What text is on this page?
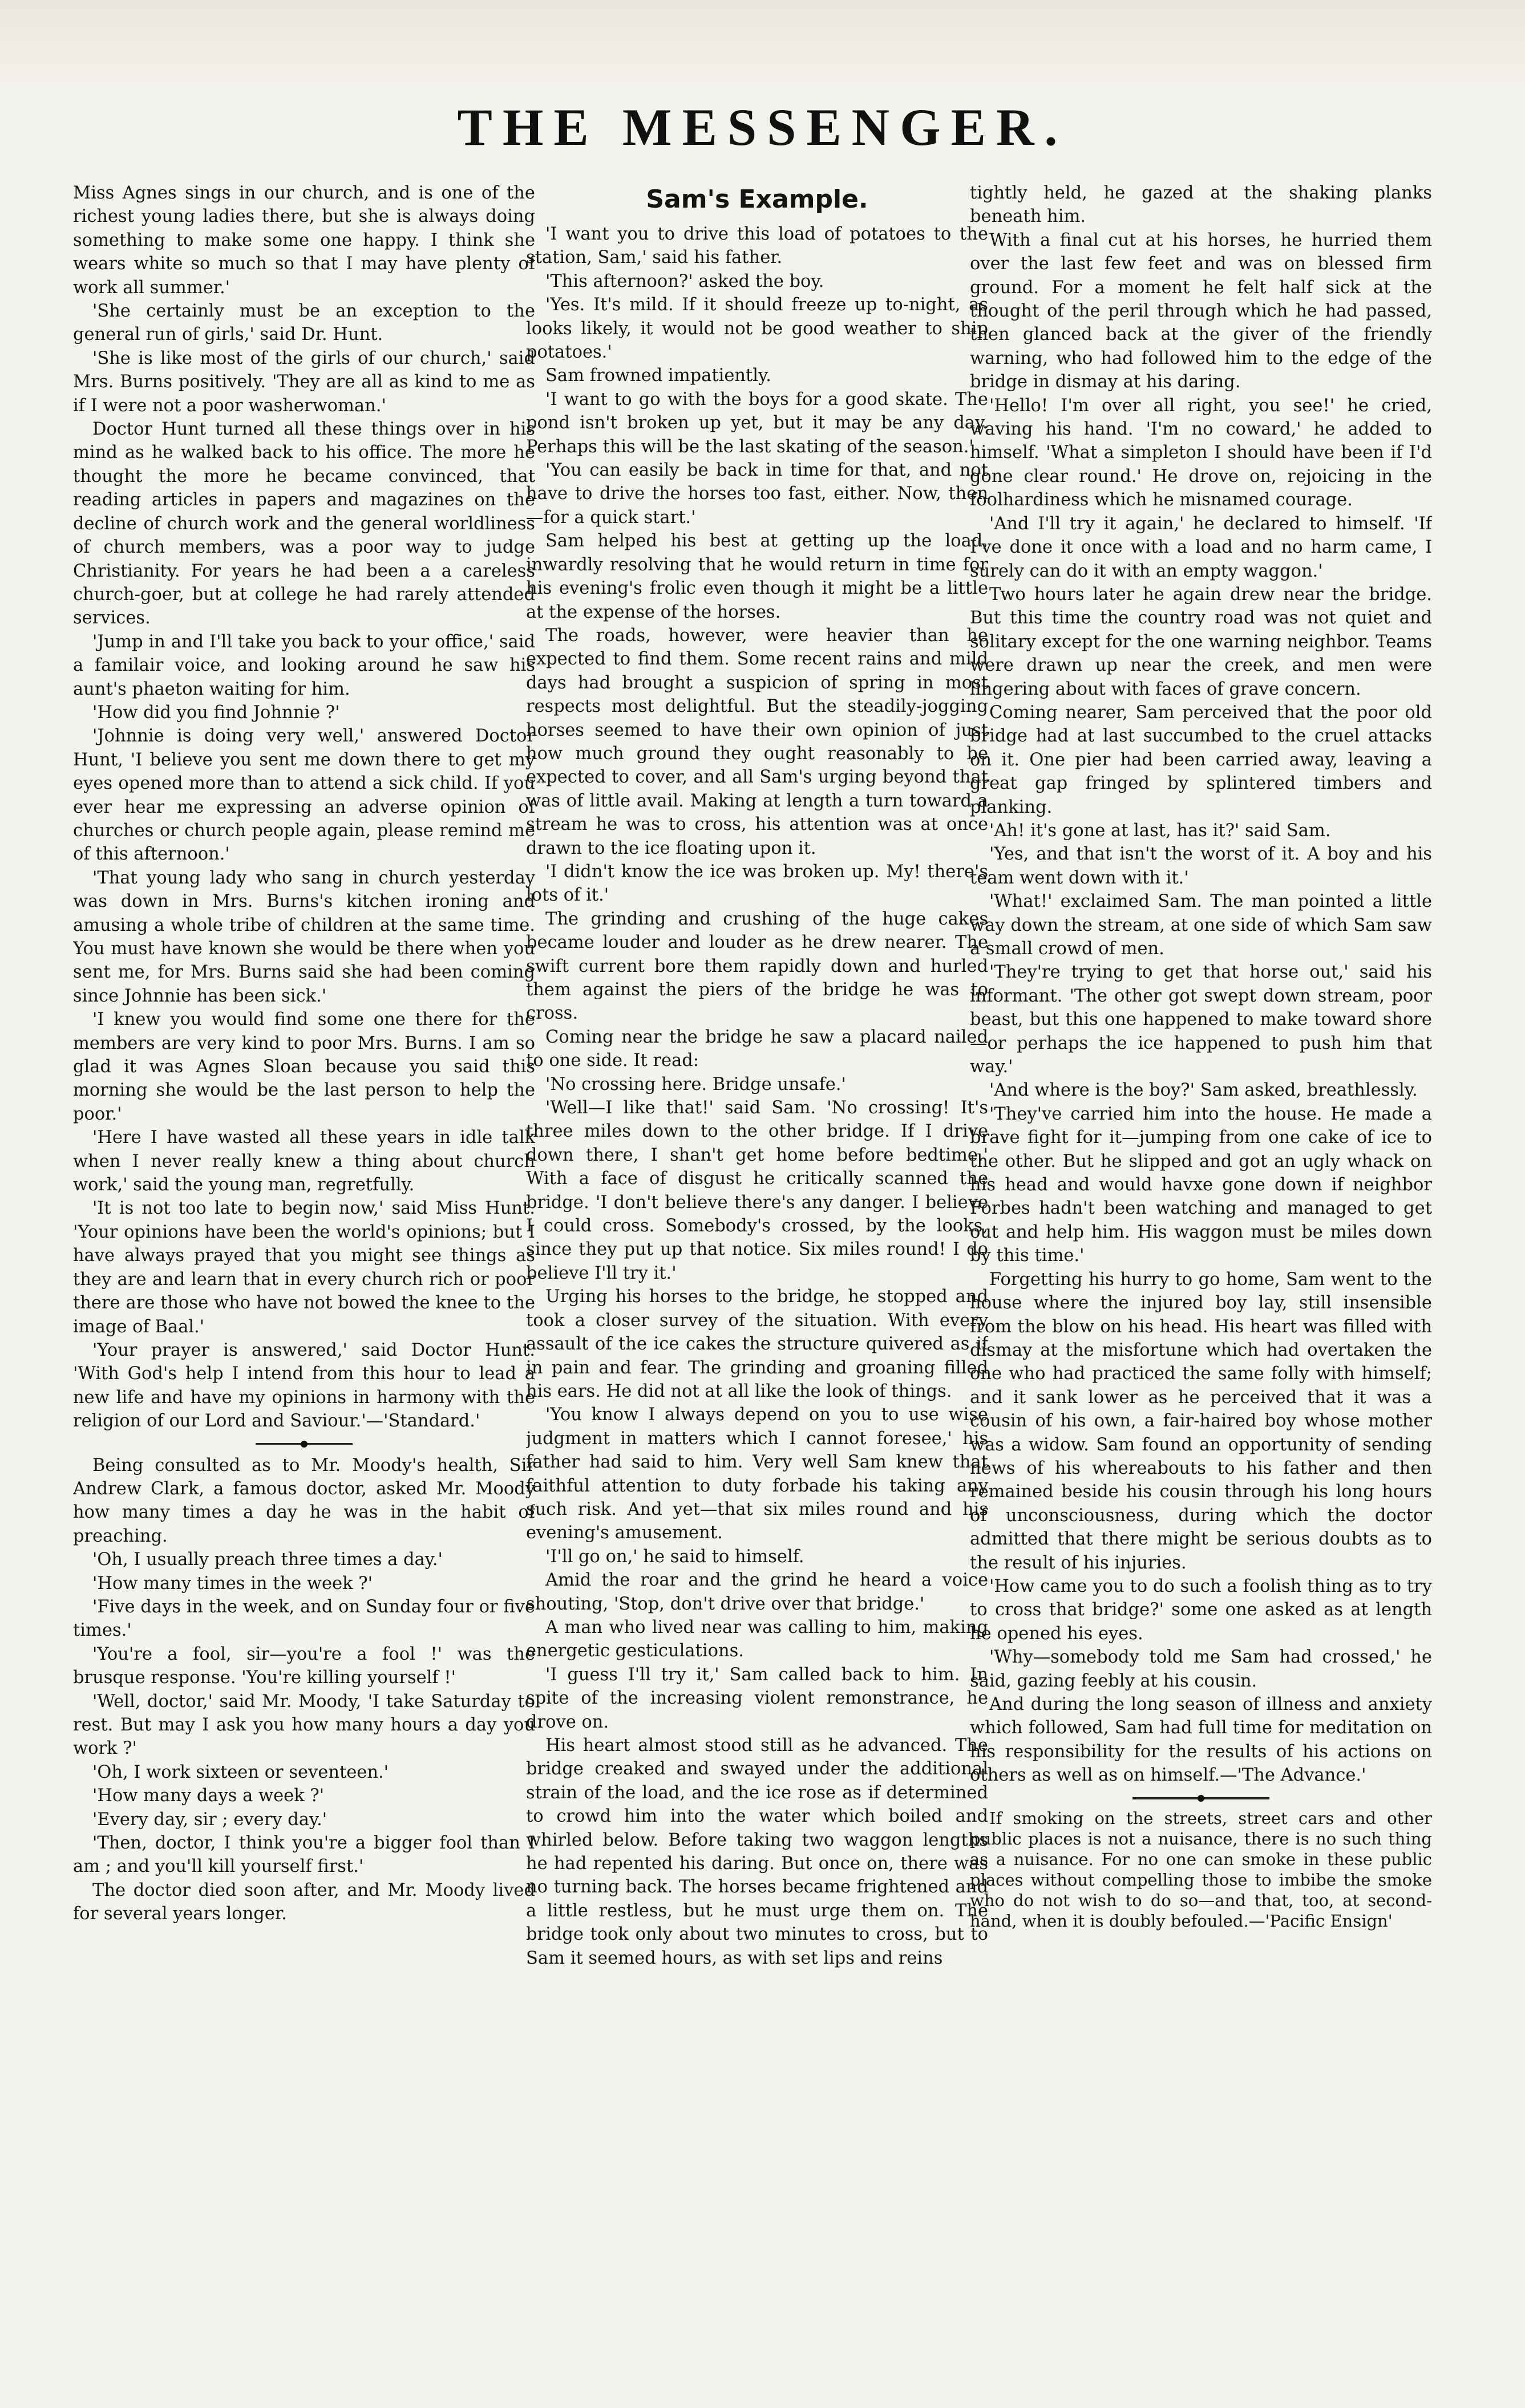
THE MESSENGER.

Miss Agnes sings in our church, and is one of the richest young ladies there, but she is always doing something to make some one happy. I think she wears white so much so that I may have plenty of work all summer.'

'She certainly must be an exception to the general run of girls,' said Dr. Hunt.

'She is like most of the girls of our church,' said Mrs. Burns positively. 'They are all as kind to me as if I were not a poor washerwoman.'

Doctor Hunt turned all these things over in his mind as he walked back to his office. The more he thought the more he became convinced, that reading articles in papers and magazines on the decline of church work and the general worldliness of church members, was a poor way to judge Christianity. For years he had been a a careless church-goer, but at college he had rarely attended services.

'Jump in and I'll take you back to your office,' said a familair voice, and looking around he saw his aunt's phaeton waiting for him.

'How did you find Johnnie ?'

'Johnnie is doing very well,' answered Doctor Hunt, 'I believe you sent me down there to get my eyes opened more than to attend a sick child. If you ever hear me expressing an adverse opinion of churches or church people again, please remind me of this afternoon.'

'That young lady who sang in church yesterday was down in Mrs. Burns's kitchen ironing and amusing a whole tribe of children at the same time. You must have known she would be there when you sent me, for Mrs. Burns said she had been coming since Johnnie has been sick.'

'I knew you would find some one there for the members are very kind to poor Mrs. Burns. I am so glad it was Agnes Sloan because you said this morning she would be the last person to help the poor.'

'Here I have wasted all these years in idle talk when I never really knew a thing about church work,' said the young man, regretfully.

'It is not too late to begin now,' said Miss Hunt. 'Your opinions have been the world's opinions; but I have always prayed that you might see things as they are and learn that in every church rich or poor there are those who have not bowed the knee to the image of Baal.'

'Your prayer is answered,' said Doctor Hunt. 'With God's help I intend from this hour to lead a new life and have my opinions in harmony with the religion of our Lord and Saviour.'—'Standard.'

Being consulted as to Mr. Moody's health, Sir Andrew Clark, a famous doctor, asked Mr. Moody how many times a day he was in the habit of preaching.

'Oh, I usually preach three times a day.'

'How many times in the week ?'

'Five days in the week, and on Sunday four or five times.'

'You're a fool, sir—you're a fool !' was the brusque response. 'You're killing yourself !'

'Well, doctor,' said Mr. Moody, 'I take Saturday to rest. But may I ask you how many hours a day you work ?'

'Oh, I work sixteen or seventeen.'

'How many days a week ?'

'Every day, sir ; every day.'

'Then, doctor, I think you're a bigger fool than I am ; and you'll kill yourself first.'

The doctor died soon after, and Mr. Moody lived for several years longer.

Sam's Example.

'I want you to drive this load of potatoes to the station, Sam,' said his father.

'This afternoon?' asked the boy.

'Yes. It's mild. If it should freeze up to-night, as looks likely, it would not be good weather to ship potatoes.'

Sam frowned impatiently.

'I want to go with the boys for a good skate. The pond isn't broken up yet, but it may be any day. Perhaps this will be the last skating of the season.'

'You can easily be back in time for that, and not have to drive the horses too fast, either. Now, then—for a quick start.'

Sam helped his best at getting up the load, inwardly resolving that he would return in time for his evening's frolic even though it might be a little at the expense of the horses.

The roads, however, were heavier than he expected to find them. Some recent rains and mild days had brought a suspicion of spring in most respects most delightful. But the steadily-jogging horses seemed to have their own opinion of just how much ground they ought reasonably to be expected to cover, and all Sam's urging beyond that was of little avail. Making at length a turn toward a stream he was to cross, his attention was at once drawn to the ice floating upon it.

'I didn't know the ice was broken up. My! there's lots of it.'

The grinding and crushing of the huge cakes became louder and louder as he drew nearer. The swift current bore them rapidly down and hurled them against the piers of the bridge he was to cross.

Coming near the bridge he saw a placard nailed to one side. It read:

'No crossing here. Bridge unsafe.'

'Well—I like that!' said Sam. 'No crossing! It's three miles down to the other bridge. If I drive down there, I shan't get home before bedtime.' With a face of disgust he critically scanned the bridge. 'I don't believe there's any danger. I believe I could cross. Somebody's crossed, by the looks, since they put up that notice. Six miles round! I do believe I'll try it.'

Urging his horses to the bridge, he stopped and took a closer survey of the situation. With every assault of the ice cakes the structure quivered as if in pain and fear. The grinding and groaning filled his ears. He did not at all like the look of things.

'You know I always depend on you to use wise judgment in matters which I cannot foresee,' his father had said to him. Very well Sam knew that faithful attention to duty forbade his taking any such risk. And yet—that six miles round and his evening's amusement.

'I'll go on,' he said to himself.

Amid the roar and the grind he heard a voice shouting, 'Stop, don't drive over that bridge.'

A man who lived near was calling to him, making energetic gesticulations.

'I guess I'll try it,' Sam called back to him. In spite of the increasing violent remonstrance, he drove on.

His heart almost stood still as he advanced. The bridge creaked and swayed under the additional strain of the load, and the ice rose as if determined to crowd him into the water which boiled and whirled below. Before taking two waggon lengths he had repented his daring. But once on, there was no turning back. The horses became frightened and a little restless, but he must urge them on. The bridge took only about two minutes to cross, but to Sam it seemed hours, as with set lips and reins

tightly held, he gazed at the shaking planks beneath him.

With a final cut at his horses, he hurried them over the last few feet and was on blessed firm ground. For a moment he felt half sick at the thought of the peril through which he had passed, then glanced back at the giver of the friendly warning, who had followed him to the edge of the bridge in dismay at his daring.

'Hello! I'm over all right, you see!' he cried, waving his hand. 'I'm no coward,' he added to himself. 'What a simpleton I should have been if I'd gone clear round.' He drove on, rejoicing in the foolhardiness which he misnamed courage.

'And I'll try it again,' he declared to himself. 'If I've done it once with a load and no harm came, I surely can do it with an empty waggon.'

Two hours later he again drew near the bridge. But this time the country road was not quiet and solitary except for the one warning neighbor. Teams were drawn up near the creek, and men were lingering about with faces of grave concern.

Coming nearer, Sam perceived that the poor old bridge had at last succumbed to the cruel attacks on it. One pier had been carried away, leaving a great gap fringed by splintered timbers and planking.

'Ah! it's gone at last, has it?' said Sam.

'Yes, and that isn't the worst of it. A boy and his team went down with it.'

'What!' exclaimed Sam. The man pointed a little way down the stream, at one side of which Sam saw a small crowd of men.

'They're trying to get that horse out,' said his informant. 'The other got swept down stream, poor beast, but this one happened to make toward shore—or perhaps the ice happened to push him that way.'

'And where is the boy?' Sam asked, breathlessly.

'They've carried him into the house. He made a brave fight for it—jumping from one cake of ice to the other. But he slipped and got an ugly whack on his head and would havxe gone down if neighbor Forbes hadn't been watching and managed to get out and help him. His waggon must be miles down by this time.'

Forgetting his hurry to go home, Sam went to the house where the injured boy lay, still insensible from the blow on his head. His heart was filled with dismay at the misfortune which had overtaken the one who had practiced the same folly with himself; and it sank lower as he perceived that it was a cousin of his own, a fair-haired boy whose mother was a widow. Sam found an opportunity of sending news of his whereabouts to his father and then remained beside his cousin through his long hours of unconsciousness, during which the doctor admitted that there might be serious doubts as to the result of his injuries.

'How came you to do such a foolish thing as to try to cross that bridge?' some one asked as at length he opened his eyes.

'Why—somebody told me Sam had crossed,' he said, gazing feebly at his cousin.

And during the long season of illness and anxiety which followed, Sam had full time for meditation on his responsibility for the results of his actions on others as well as on himself.—'The Advance.'

If smoking on the streets, street cars and other public places is not a nuisance, there is no such thing as a nuisance. For no one can smoke in these public places without compelling those to imbibe the smoke who do not wish to do so—and that, too, at second-hand, when it is doubly befouled.—'Pacific Ensign'
